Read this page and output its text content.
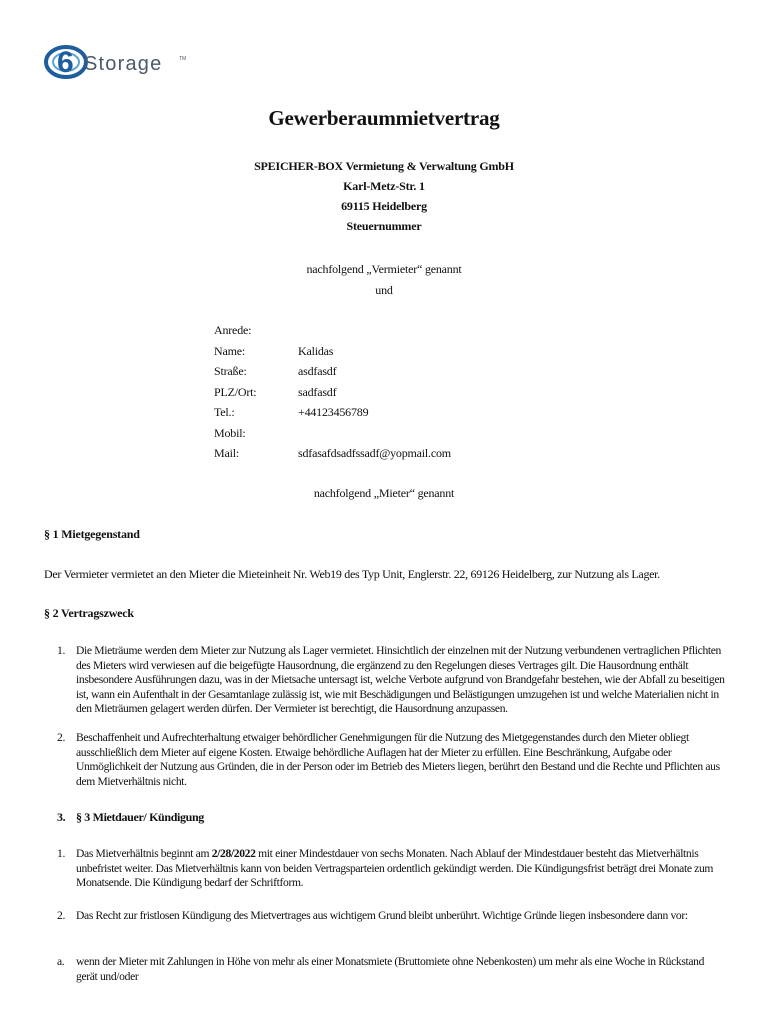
6 Storage	TM
Gewerberaummietvertrag
SPEICHER-BOX Vermietung & Verwaltung GmbH
Karl-Metz-Str. 1
69115 Heidelberg
Steuernummer
nachfolgend „Vermieter“ genannt
und
Anrede:
Name:	Kalidas
Straße:	asdfasdf
PLZ/Ort:	sadfasdf
Tel.:	+44123456789
Mobil:
Mail:	sdfasafdsadfssadf@yopmail.com
nachfolgend „Mieter“ genannt
§ 1 Mietgegenstand
Der Vermieter vermietet an den Mieter die Mieteinheit Nr. Web19 des Typ Unit, Englerstr. 22, 69126 Heidelberg, zur Nutzung als Lager.
§ 2 Vertragszweck
1. Die Mieträume werden dem Mieter zur Nutzung als Lager vermietet. Hinsichtlich der einzelnen mit der Nutzung verbundenen vertraglichen Pflichten des Mieters wird verwiesen auf die beigefügte Hausordnung, die ergänzend zu den Regelungen dieses Vertrages gilt. Die Hausordnung enthält insbesondere Ausführungen dazu, was in der Mietsache untersagt ist, welche Verbote aufgrund von Brandgefahr bestehen, wie der Abfall zu beseitigen ist, wann ein Aufenthalt in der Gesamtanlage zulässig ist, wie mit Beschädigungen und Belästigungen umzugehen ist und welche Materialien nicht in den Mieträumen gelagert werden dürfen. Der Vermieter ist berechtigt, die Hausordnung anzupassen.
2. Beschaffenheit und Aufrechterhaltung etwaiger behördlicher Genehmigungen für die Nutzung des Mietgegenstandes durch den Mieter obliegt ausschließlich dem Mieter auf eigene Kosten. Etwaige behördliche Auflagen hat der Mieter zu erfüllen. Eine Beschränkung, Aufgabe oder Unmöglichkeit der Nutzung aus Gründen, die in der Person oder im Betrieb des Mieters liegen, berührt den Bestand und die Rechte und Pflichten aus dem Mietverhältnis nicht.
3. § 3 Mietdauer/ Kündigung
1. Das Mietverhältnis beginnt am 2/28/2022 mit einer Mindestdauer von sechs Monaten. Nach Ablauf der Mindestdauer besteht das Mietverhältnis unbefristet weiter. Das Mietverhältnis kann von beiden Vertragsparteien ordentlich gekündigt werden. Die Kündigungsfrist beträgt drei Monate zum Monatsende. Die Kündigung bedarf der Schriftform.
2. Das Recht zur fristlosen Kündigung des Mietvertrages aus wichtigem Grund bleibt unberührt. Wichtige Gründe liegen insbesondere dann vor:
a. wenn der Mieter mit Zahlungen in Höhe von mehr als einer Monatsmiete (Bruttomiete ohne Nebenkosten) um mehr als eine Woche in Rückstand gerät und/oder
